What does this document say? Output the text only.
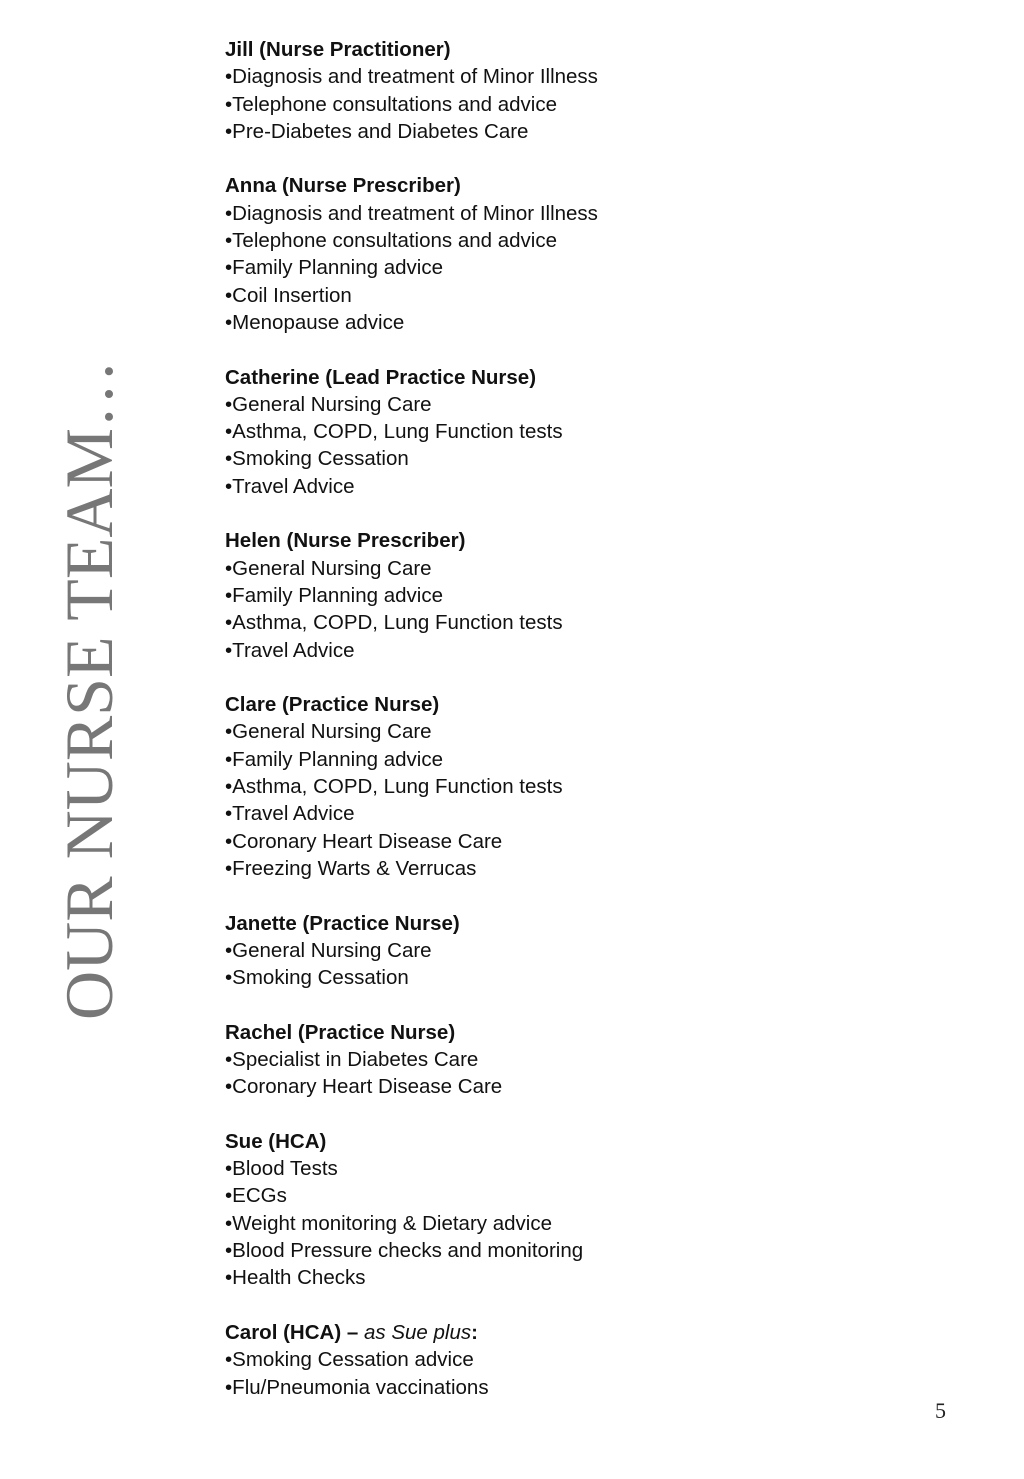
OUR NURSE TEAM…
Jill (Nurse Practitioner)
•Diagnosis and treatment of Minor Illness
•Telephone consultations and advice
•Pre-Diabetes and Diabetes Care
Anna (Nurse Prescriber)
•Diagnosis and treatment of Minor Illness
•Telephone consultations and advice
•Family Planning advice
•Coil Insertion
•Menopause advice
Catherine (Lead Practice Nurse)
•General Nursing Care
•Asthma, COPD, Lung Function tests
•Smoking Cessation
•Travel Advice
Helen (Nurse Prescriber)
•General Nursing Care
•Family Planning advice
•Asthma, COPD, Lung Function tests
•Travel Advice
Clare (Practice Nurse)
•General Nursing Care
•Family Planning advice
•Asthma, COPD, Lung Function tests
•Travel Advice
•Coronary Heart Disease Care
•Freezing Warts & Verrucas
Janette (Practice Nurse)
•General Nursing Care
•Smoking Cessation
Rachel (Practice Nurse)
•Specialist in Diabetes Care
•Coronary Heart Disease Care
Sue (HCA)
•Blood Tests
•ECGs
•Weight monitoring & Dietary advice
•Blood Pressure checks and monitoring
•Health Checks
Carol (HCA) – as Sue plus:
•Smoking Cessation advice
•Flu/Pneumonia vaccinations
5
